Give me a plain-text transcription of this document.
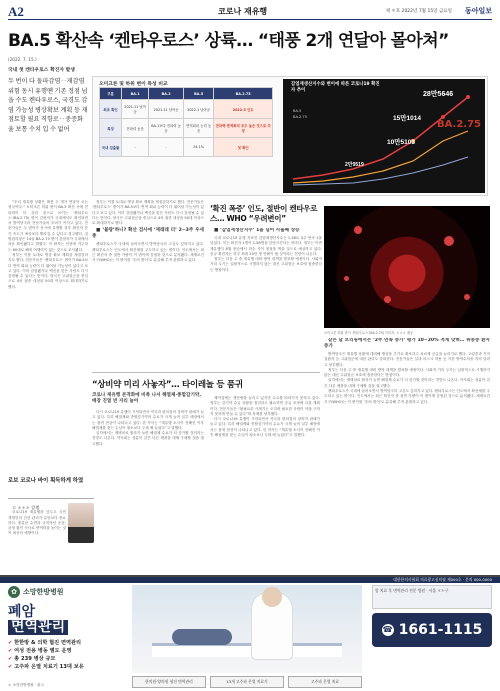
A2	코로나 재유행	제 ＊호 2022년 7월 15일 금요일 동아일보
BA.5 확산속 ‘켄타우로스’ 상륙… “태풍 2개 연달아 몰아쳐”
(2022. 7. 15.)
국내 첫 켄타우로스 확진자 발생
두 번이 다 돌파감염‥재감염 위험 동시 유행땐 기존 정점 넘을 수도 켄타우로스, 국경도 감염 가능성 병상확보 계획 등 재점토할 필요 직항로‥중증화율 보통 수치 입 수 없어
오미크론 및 하위 변이 특성 비교
구분	BA.1	BA.2	BA.5	BA.2.75
최초 확인	2021.11 남아공	2021.11 남아공	2022.1 남아공	2022.5 인도
특징	전파력 높음	BA.1보다 전파력 높음	면역회피 능력 높음	전파력·면역회피 모두 높은 것으로 추정
국내 검출률	-	-	24.1%	첫 확인
감염재생산지수와 변이에 따른 코로나19 확진자 추이
28만5646
15만1014
10만5103
2만9519
BA.5
BA.2.75
BA.2.75

“우리 재유행 상황은 태풍 두 개가 연달아 오는 형국이다.” 오미크론 하위 변이 BA.5 확산 속에 전파력이 더 강한 것으로 보이는 ‘켄타우로스’(BA.2.75) 변이 감염자가 국내에서도 확인되면서 방역당국과 전문가들의 우려가 커지고 있다. 전문가들은 두 변이가 동시에 유행할 경우 확진자 증가 속도가 예상보다 빨라질 수 있다고 경고했다. 질병관리청은 14일 BA.2.75 변이 감염자가 국내에서 처음 확인됐다고 밝혔다. 이 환자는 인천에 거주하는 60대로 해외 여행력이 없는 것으로 조사됐다.

정부는 이를 토대로 병상 확보 계획을 재점검하기로 했다. 전문가들은 ‘켄타우로스’ 변이가 BA.5보다 면역 회피 능력이 더 뛰어날 가능성이 있다고 보고 있다. 이미 감염됐거나 백신을 맞은 사람도 다시 감염될 수 있다는 뜻이다. 당국은 고위험군을 중심으로 4차 접종 대상을 50대 이상으로 확대하기로 했다.

정부는 이를 토대로 병상 확보 계획을 재점검하기로 했다. 전문가들은 ‘켄타우로스’ 변이가 BA.5보다 면역 회피 능력이 더 뛰어날 가능성이 있다고 보고 있다. 이미 감염됐거나 백신을 맞은 사람도 다시 감염될 수 있다는 뜻이다. 당국은 고위험군을 중심으로 4차 접종 대상을 50대 이상으로 확대하기로 했다.

■ ‘불량’하니? 확산 검사에 ‘재래래 더’ 2~3주 우세종

켄타우로스가 국내에 들어오면서 방역당국의 고심도 깊어지고 있다. 켄타우로스는 인도에서 확산세를 주도하고 있는 변이다. 인도에서는 최근 확진자 중 절반 가량이 이 변이에 감염된 것으로 분석됐다. 세계보건기구(WHO)는 이 변이를 ‘우려 변이’로 분류해 추적 관찰하고 있다.

‘확진 폭증’ 인도, 절반이 켄타우로스… WHO “우려변이”

■ ‘감염재생산지수’ 1을 넘어 사흘째 상승

국내 코로나19 유행 지표인 감염재생산지수는 1.58로 3주 연속 1을 넘었다. 이는 확진자 1명이 1.58명을 감염시킨다는 의미다. 정부는 이번 재유행이 8월 중순에서 하순 사이 정점을 찍을 것으로 예상하고 있다. 신규 확진자는 하루 최대 20만 명 안팎이 될 것이라는 전망이 나온다.

정부는 다음 주 중 재유행 대비 방역 대책을 발표할 예정이다. 사회적 거리 두기는 일괄적으로 시행하지 않는 대신 고위험군 보호에 집중한다는 방침이다.

오미크론 하위 변이 ‘켄타우로스’(BA.2.75) 이미지. ＊＊＊ 제공

같은 날 브리핑에서는 ‘2주 연속 증가’ 평가 10~20% 적게 맞혀… 위중증 환자 증가

방역당국은 재유행 상황에 대비해 병상을 추가로 확보하고 치료제 공급을 늘리기로 했다. 고령층과 기저질환자 등 고위험군에 대한 관리도 강화한다. 전문가들은 실내 마스크 착용 등 기본 방역수칙을 지켜 달라고 당부했다.

정부는 다음 주 중 재유행 대비 방역 대책을 발표할 예정이다. 사회적 거리 두기는 일괄적으로 시행하지 않는 대신 고위험군 보호에 집중한다는 방침이다.

일각에서는 재택치료 환자가 늘면 해열제 수요가 더 증가할 것이라는 전망도 나온다. 약사회는 성분이 같은 다른 제품을 대체 구매할 것을 권고했다.

켄타우로스가 국내에 들어오면서 방역당국의 고심도 깊어지고 있다. 켄타우로스는 인도에서 확산세를 주도하고 있는 변이다. 인도에서는 최근 확진자 중 절반 가량이 이 변이에 감염된 것으로 분석됐다. 세계보건기구(WHO)는 이 변이를 ‘우려 변이’로 분류해 추적 관찰하고 있다.

“상비약 미리 사놓자”… 타이레놀 등 품귀
코로나 재유행 본격화에 비축 나서 해열제·종합감기약, 매장 진열 빈 자리 늘어

다시 코로나19 유행이 시작되면서 약국과 편의점의 상비약 판매가 늘고 있다. 특히 해열제와 종합감기약의 수요가 크게 늘어 일부 매장에서는 품귀 현상이 나타나고 있다. 한 약사는 “재유행 소식이 전해진 이후 해열제를 찾는 손님이 평소보다 두세 배 늘었다”고 말했다.

일각에서는 재택치료 환자가 늘면 해열제 수요가 더 증가할 것이라는 전망도 나온다. 약사회는 성분이 같은 다른 제품을 대체 구매할 것을 권고했다.

제약업계는 생산량을 늘리고 있지만 수요를 따라가지 못하고 있다. 정부는 감기약 수급 상황을 점검하고 필요하면 공급 조정에 나설 계획이다. 전문가들은 “불필요한 사재기는 오히려 필요한 사람이 약을 구하지 못하게 만들 수 있다”며 자제를 당부했다.

다시 코로나19 유행이 시작되면서 약국과 편의점의 상비약 판매가 늘고 있다. 특히 해열제와 종합감기약의 수요가 크게 늘어 일부 매장에서는 품귀 현상이 나타나고 있다. 한 약사는 “재유행 소식이 전해진 이후 해열제를 찾는 손님이 평소보다 두세 배 늘었다”고 말했다.

로보 코로나 바이 획득하게 하였

ㅁ ＊＊＊ 칼럼

코로나19 재유행을 앞두고 국민 개개인의 건강 관리가 무엇보다 중요하다. 충분한 수면과 규칙적인 운동, 균형 잡힌 식사로 면역력을 높이는 것이 최선의 예방이다.

대한한의사협회 의료광고심의필 제000호 · 문의 000-0000
✿ 소망한방병원
폐암
면역관리
✔ 한한방 & 의학 협진 면역관리
✔ 여성 전용 병동 별도 운영
✔ 총 239 병상 규모
✔ 고주파 온열 치료기 13대 보유
암 치료 후 면역관리 전문 병원 · 서울 ＊＊구
☎ 1661-1115
한의원·양의원 협진 면역관리	13개 고주파 온열 치료기	고주파 온열 치료
＊ 소망한방병원 · 광고
